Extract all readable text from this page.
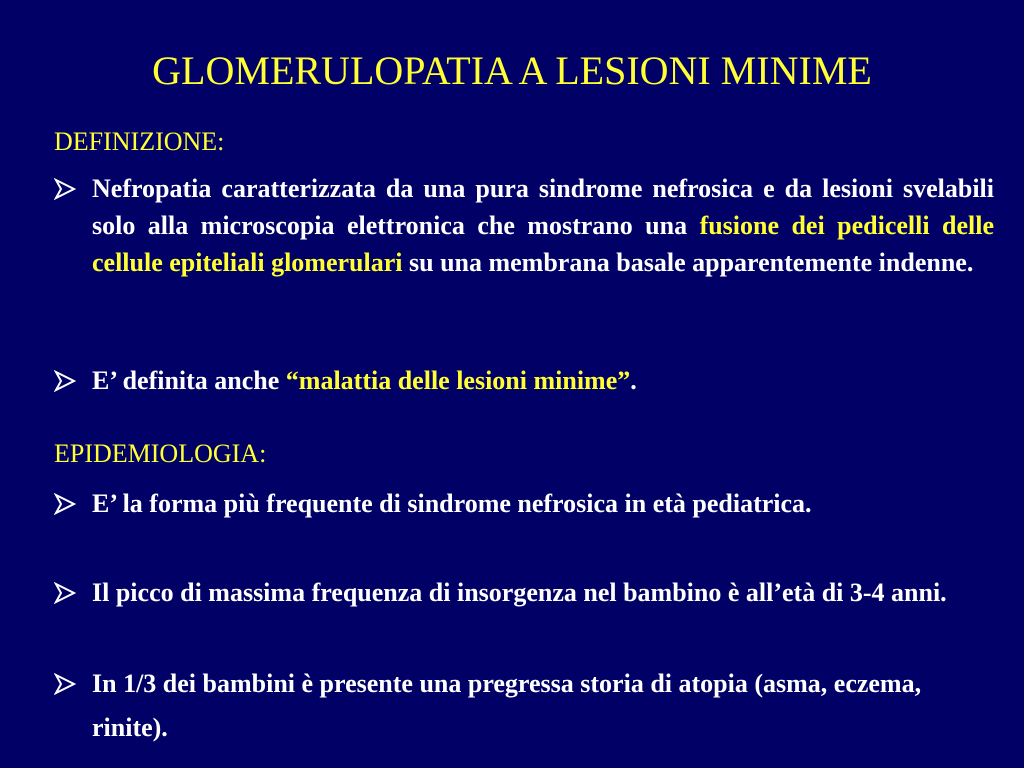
GLOMERULOPATIA A LESIONI MINIME
DEFINIZIONE:
Nefropatia caratterizzata da una pura sindrome nefrosica e da lesioni svelabili solo alla microscopia elettronica che mostrano una fusione dei pedicelli delle cellule epiteliali glomerulari su una membrana basale apparentemente indenne.
E’ definita anche “malattia delle lesioni minime”.
EPIDEMIOLOGIA:
E’ la forma più frequente di sindrome nefrosica in età pediatrica.
Il picco di massima frequenza di insorgenza nel bambino è all’età di 3-4 anni.
In 1/3 dei bambini è presente una pregressa storia di atopia (asma, eczema, rinite).
